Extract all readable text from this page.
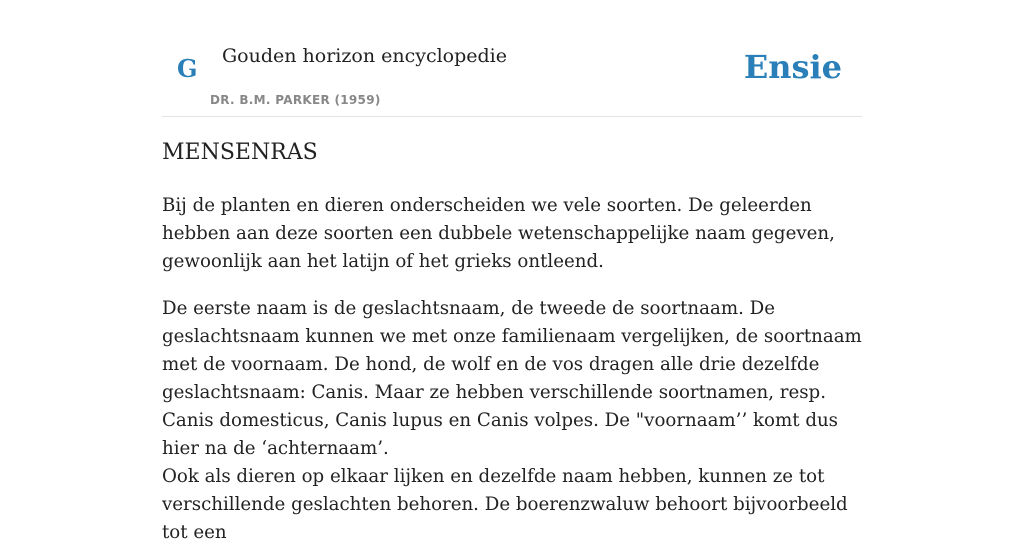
G Gouden horizon encyclopedie
DR. B.M. PARKER (1959)
Ensie
MENSENRAS

Bij de planten en dieren onderscheiden we vele soorten. De geleerden hebben aan deze soorten een dubbele wetenschappelijke naam gegeven, gewoonlijk aan het latijn of het grieks ontleend.

De eerste naam is de geslachtsnaam, de tweede de soortnaam. De geslachtsnaam kunnen we met onze familienaam vergelijken, de soortnaam met de voornaam. De hond, de wolf en de vos dragen alle drie dezelfde geslachtsnaam: Canis. Maar ze hebben verschillende soortnamen, resp. Canis domesticus, Canis lupus en Canis volpes. De "voornaam’’ komt dus hier na de ‘achternaam’.

Ook als dieren op elkaar lijken en dezelfde naam hebben, kunnen ze tot verschillende geslachten behoren. De boerenzwaluw behoort bijvoorbeeld tot een
